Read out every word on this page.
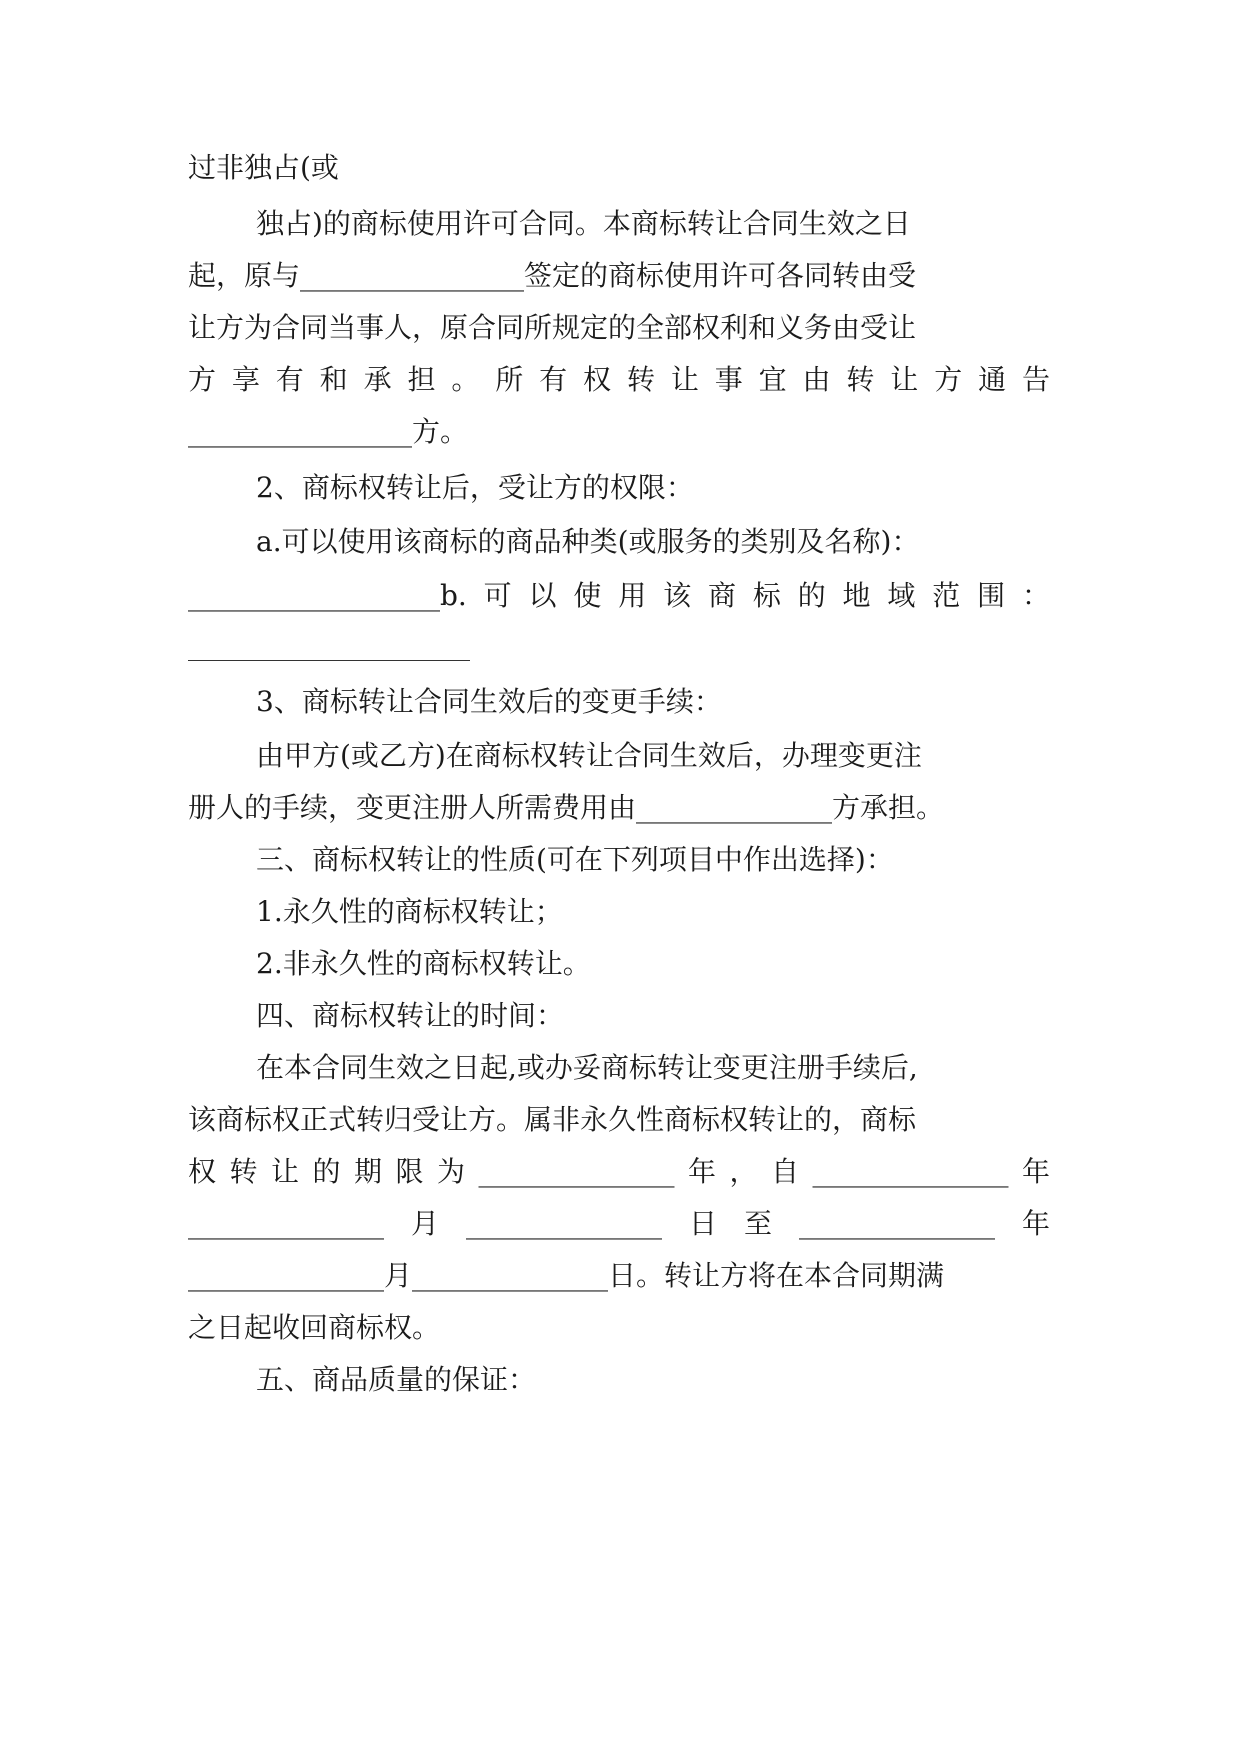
过非独占(或
独占)的商标使用许可合同。本商标转让合同生效之日
起，原与________________签定的商标使用许可各同转由受
让方为合同当事人，原合同所规定的全部权利和义务由受让
方享有和承担。所有权转让事宜由转让方通告
________________方。
2、商标权转让后，受让方的权限：
a.可以使用该商标的商品种类(或服务的类别及名称)：
__________________b.可以使用该商标的地域范围：
3、商标转让合同生效后的变更手续：
由甲方(或乙方)在商标权转让合同生效后，办理变更注
册人的手续，变更注册人所需费用由______________方承担。
三、商标权转让的性质(可在下列项目中作出选择)：
1.永久性的商标权转让；
2.非永久性的商标权转让。
四、商标权转让的时间：
在本合同生效之日起,或办妥商标转让变更注册手续后,
该商标权正式转归受让方。属非永久性商标权转让的，商标
权转让的期限为______________年，自______________年
______________月______________日至______________年
______________月______________日。转让方将在本合同期满
之日起收回商标权。
五、商品质量的保证：
